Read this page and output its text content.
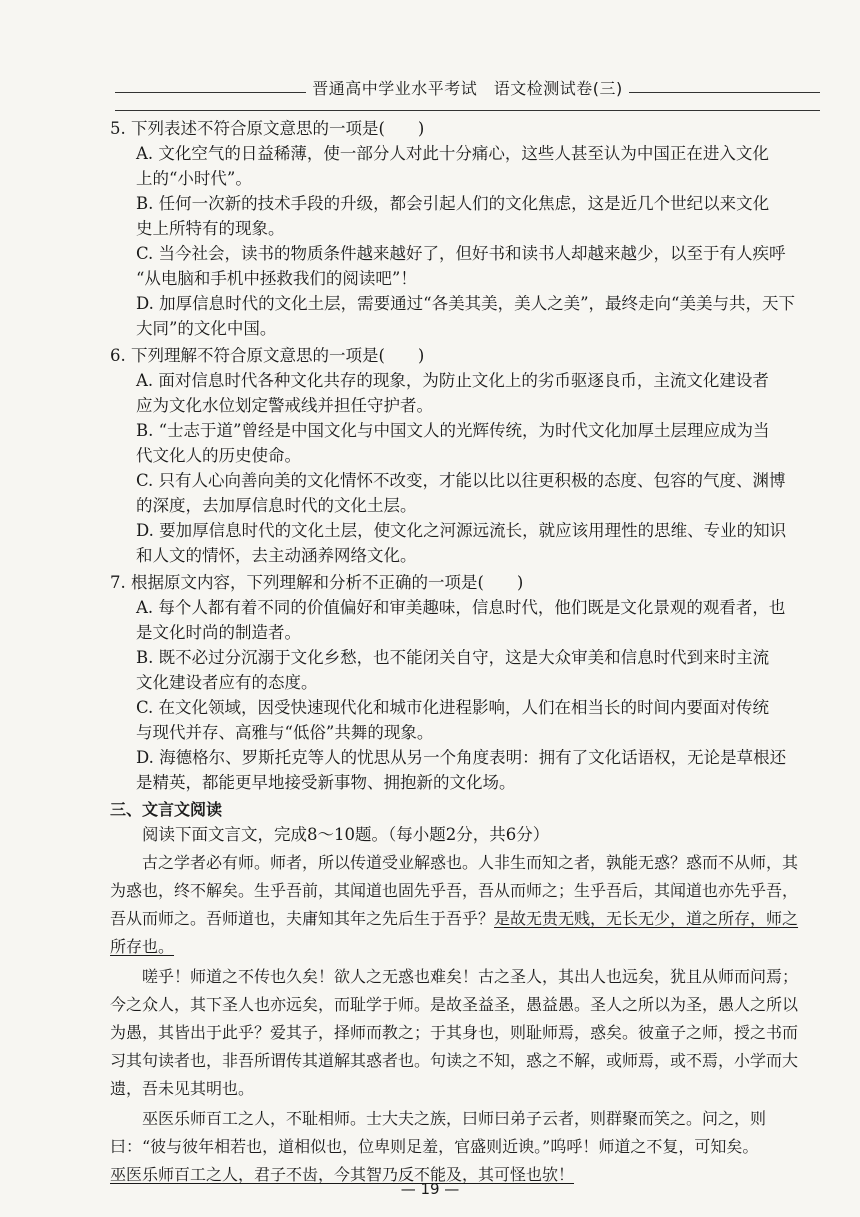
晋通高中学业水平考试　语文检测试卷(三)
5. 下列表述不符合原文意思的一项是(　　)
A. 文化空气的日益稀薄，使一部分人对此十分痛心，这些人甚至认为中国正在进入文化
上的“小时代”。
B. 任何一次新的技术手段的升级，都会引起人们的文化焦虑，这是近几个世纪以来文化
史上所特有的现象。
C. 当今社会，读书的物质条件越来越好了，但好书和读书人却越来越少，以至于有人疾呼
“从电脑和手机中拯救我们的阅读吧”！
D. 加厚信息时代的文化土层，需要通过“各美其美，美人之美”，最终走向“美美与共，天下
大同”的文化中国。
6. 下列理解不符合原文意思的一项是(　　)
A. 面对信息时代各种文化共存的现象，为防止文化上的劣币驱逐良币，主流文化建设者
应为文化水位划定警戒线并担任守护者。
B. “士志于道”曾经是中国文化与中国文人的光辉传统，为时代文化加厚土层理应成为当
代文化人的历史使命。
C. 只有人心向善向美的文化情怀不改变，才能以比以往更积极的态度、包容的气度、渊博
的深度，去加厚信息时代的文化土层。
D. 要加厚信息时代的文化土层，使文化之河源远流长，就应该用理性的思维、专业的知识
和人文的情怀，去主动涵养网络文化。
7. 根据原文内容，下列理解和分析不正确的一项是(　　)
A. 每个人都有着不同的价值偏好和审美趣味，信息时代，他们既是文化景观的观看者，也
是文化时尚的制造者。
B. 既不必过分沉溺于文化乡愁，也不能闭关自守，这是大众审美和信息时代到来时主流
文化建设者应有的态度。
C. 在文化领域，因受快速现代化和城市化进程影响，人们在相当长的时间内要面对传统
与现代并存、高雅与“低俗”共舞的现象。
D. 海德格尔、罗斯托克等人的忧思从另一个角度表明：拥有了文化话语权，无论是草根还
是精英，都能更早地接受新事物、拥抱新的文化场。
三、文言文阅读
阅读下面文言文，完成8～10题。（每小题2分，共6分）
古之学者必有师。师者，所以传道受业解惑也。人非生而知之者，孰能无惑？惑而不从师，其为惑也，终不解矣。生乎吾前，其闻道也固先乎吾，吾从而师之；生乎吾后，其闻道也亦先乎吾，吾从而师之。吾师道也，夫庸知其年之先后生于吾乎？是故无贵无贱，无长无少，道之所存，师之所存也。
嗟乎！师道之不传也久矣！欲人之无惑也难矣！古之圣人，其出人也远矣，犹且从师而问焉；今之众人，其下圣人也亦远矣，而耻学于师。是故圣益圣，愚益愚。圣人之所以为圣，愚人之所以为愚，其皆出于此乎？爱其子，择师而教之；于其身也，则耻师焉，惑矣。彼童子之师，授之书而习其句读者也，非吾所谓传其道解其惑者也。句读之不知，惑之不解，或师焉，或不焉，小学而大遗，吾未见其明也。
巫医乐师百工之人，不耻相师。士大夫之族，曰师曰弟子云者，则群聚而笑之。问之，则曰：“彼与彼年相若也，道相似也，位卑则足羞，官盛则近谀。”呜呼！师道之不复，可知矣。
巫医乐师百工之人，君子不齿，今其智乃反不能及，其可怪也欤！
— 19 —
